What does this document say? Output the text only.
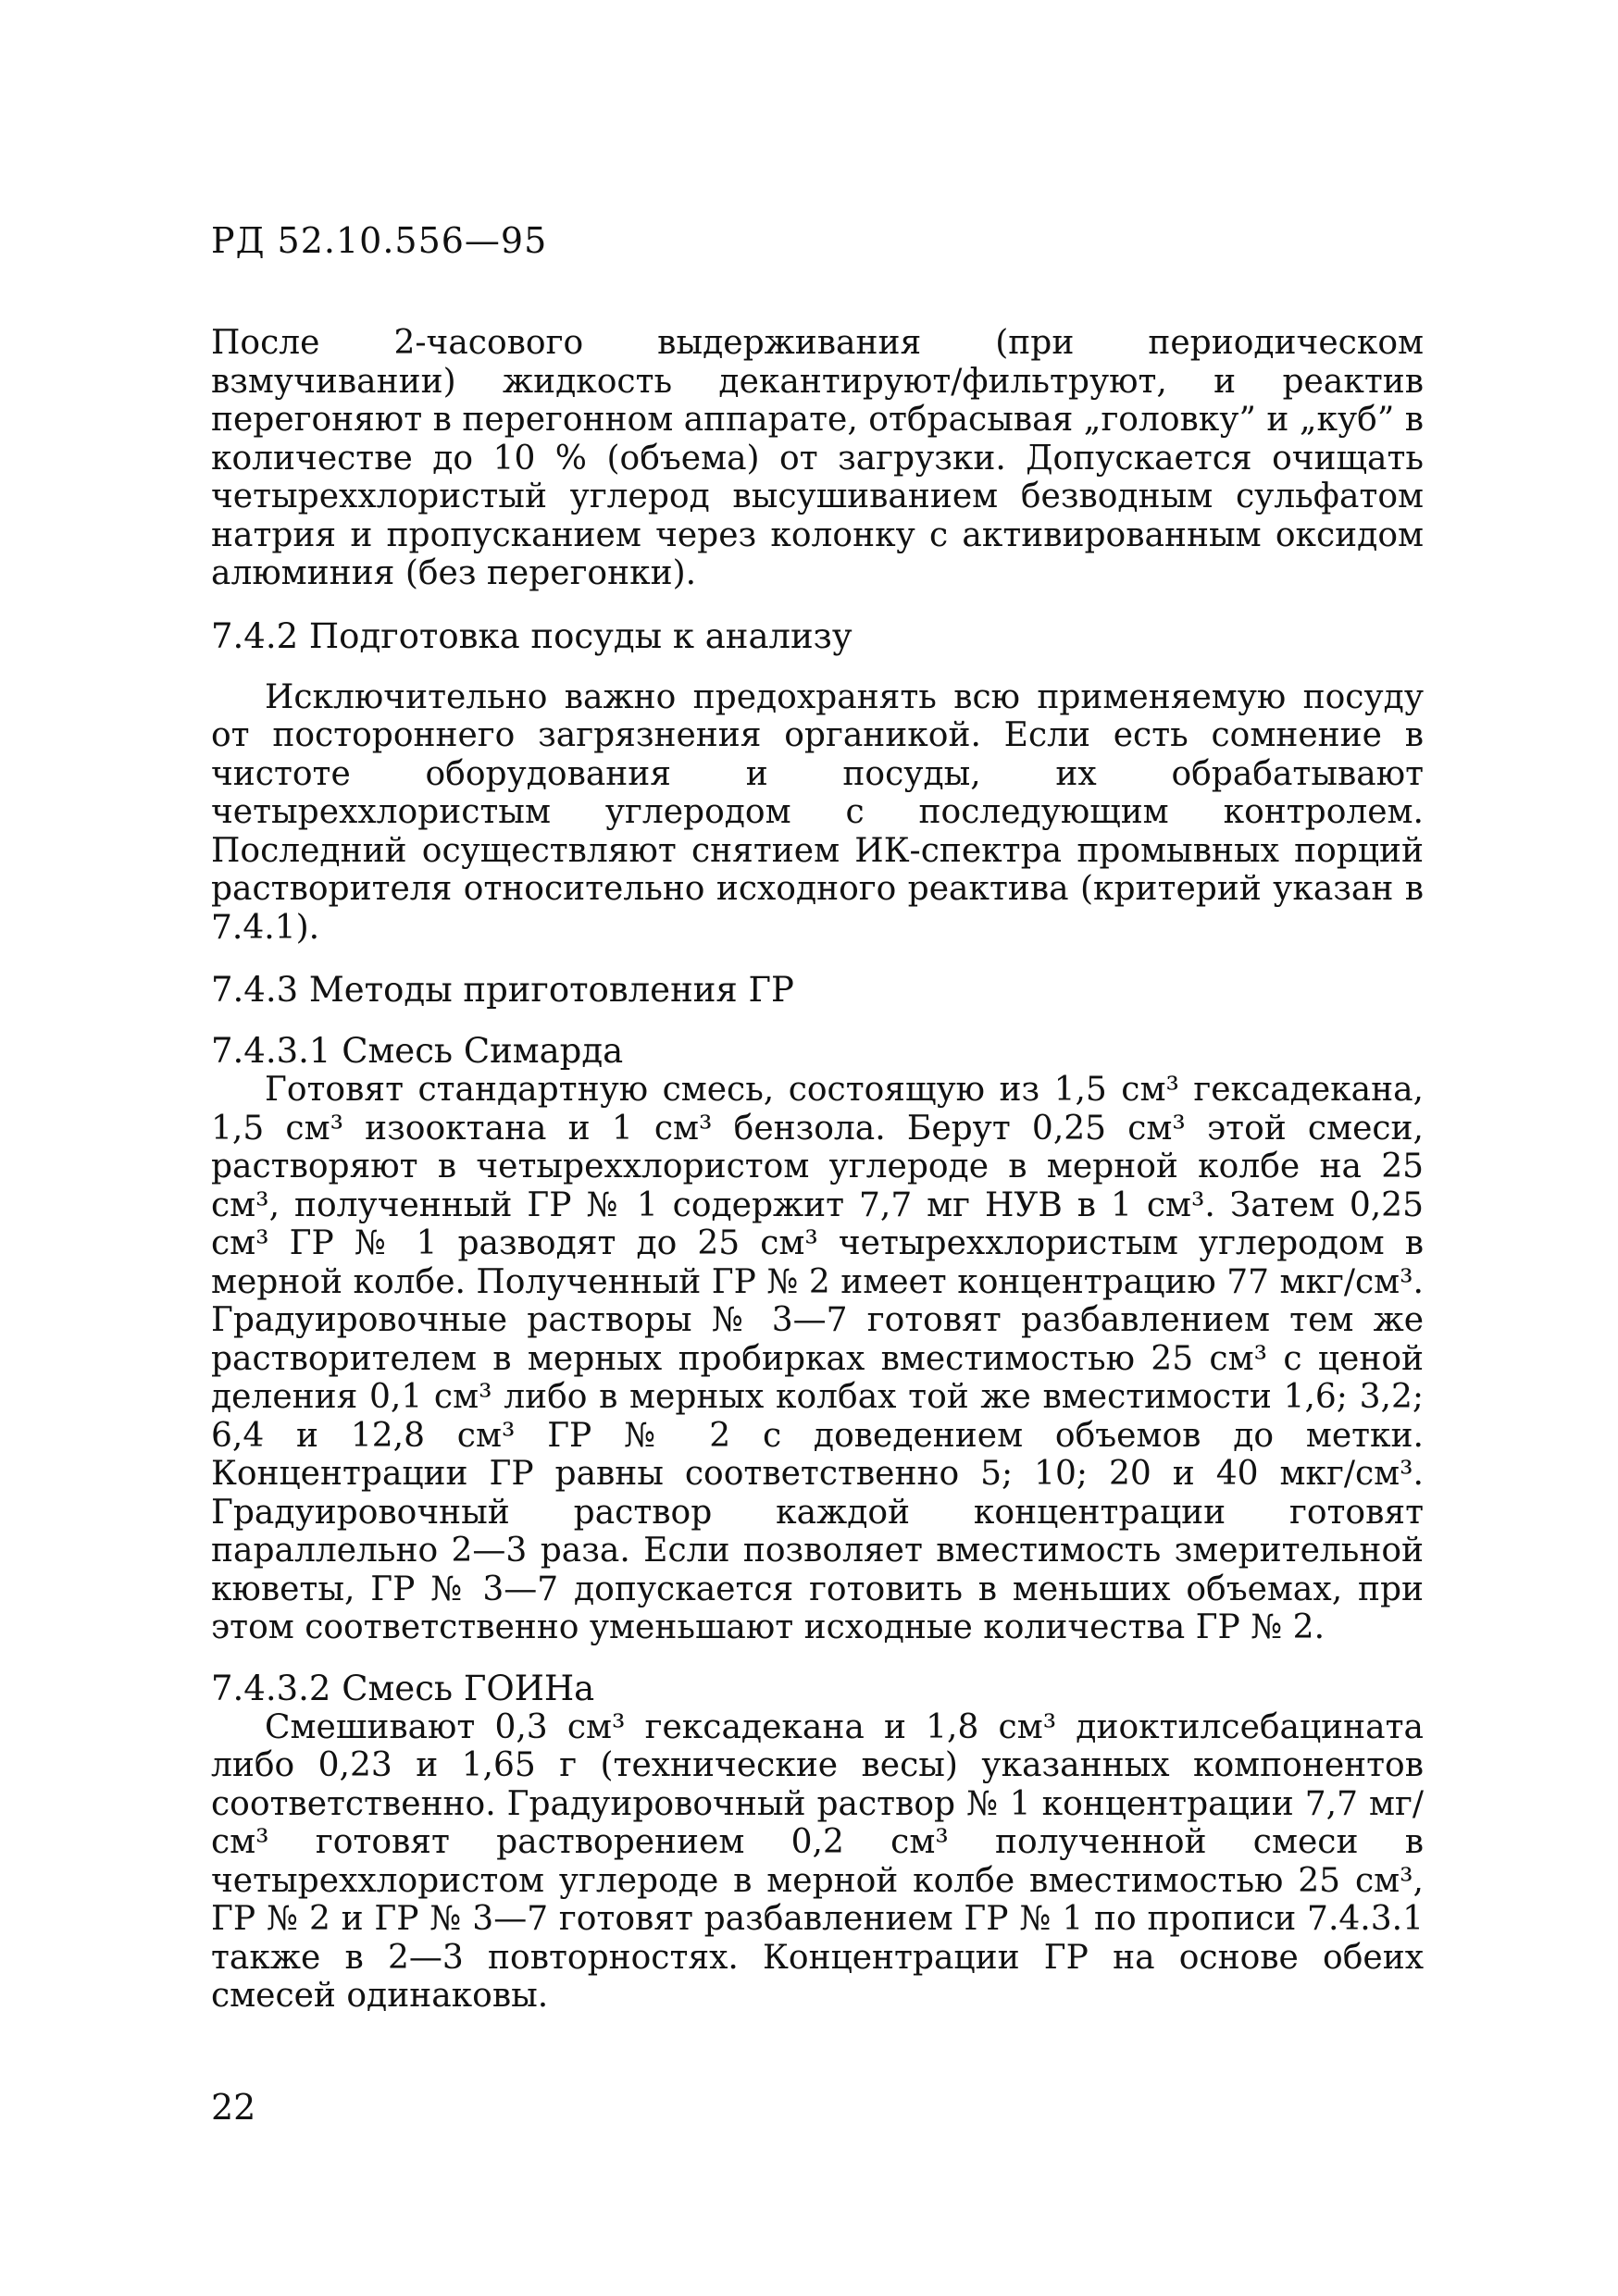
РД 52.10.556—95

После 2-часового выдерживания (при периодическом взмучивании) жидкость декантируют/фильтруют, и реактив перегоняют в перегонном аппарате, отбрасывая „головку” и „куб” в количестве до 10 % (объема) от загрузки. Допускается очищать четыреххлористый углерод высушиванием безводным сульфатом натрия и пропусканием через колонку с активированным оксидом алюминия (без перегонки).

7.4.2 Подготовка посуды к анализу

Исключительно важно предохранять всю применяемую посуду от постороннего загрязнения органикой. Если есть сомнение в чистоте оборудования и посуды, их обрабатывают четыреххлористым углеродом с последующим контролем. Последний осуществляют снятием ИК-спектра промывных порций растворителя относительно исходного реактива (критерий указан в 7.4.1).

7.4.3 Методы приготовления ГР
7.4.3.1 Смесь Симарда

Готовят стандартную смесь, состоящую из 1,5 см³ гексадекана, 1,5 см³ изооктана и 1 см³ бензола. Берут 0,25 см³ этой смеси, растворяют в четыреххлористом углероде в мерной колбе на 25 см³, полученный ГР № 1 содержит 7,7 мг НУВ в 1 см³. Затем 0,25 см³ ГР № 1 разводят до 25 см³ четыреххлористым углеродом в мерной колбе. Полученный ГР № 2 имеет концентрацию 77 мкг/см³. Градуировочные растворы № 3—7 готовят разбавлением тем же растворителем в мерных пробирках вместимостью 25 см³ с ценой деления 0,1 см³ либо в мерных колбах той же вместимости 1,6; 3,2; 6,4 и 12,8 см³ ГР № 2 с доведением объемов до метки. Концентрации ГР равны соответственно 5; 10; 20 и 40 мкг/см³. Градуировочный раствор каждой концентрации готовят параллельно 2—3 раза. Если позволяет вместимость змерительной кюветы, ГР № 3—7 допускается готовить в меньших объемах, при этом соответственно уменьшают исходные количества ГР № 2.

7.4.3.2 Смесь ГОИНа

Смешивают 0,3 см³ гексадекана и 1,8 см³ диоктилсебацината либо 0,23 и 1,65 г (технические весы) указанных компонентов соответственно. Градуировочный раствор № 1 концентрации 7,7 мг/см³ готовят растворением 0,2 см³ полученной смеси в четыреххлористом углероде в мерной колбе вместимостью 25 см³, ГР № 2 и ГР № 3—7 готовят разбавлением ГР № 1 по прописи 7.4.3.1 также в 2—3 повторностях. Концентрации ГР на основе обеих смесей одинаковы.

22
